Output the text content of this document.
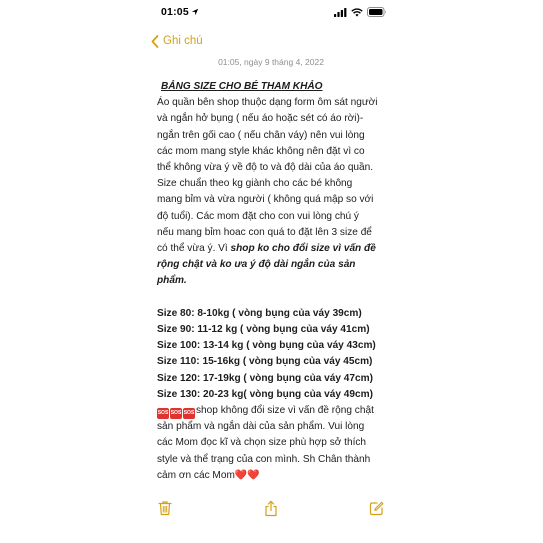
01:05
Ghi chú
01:05, ngày 9 tháng 4, 2022

BẢNG SIZE CHO BÉ THAM KHẢO

Áo quần bên shop thuộc dạng form ôm sát người

và ngắn hở bụng ( nếu áo hoặc sét có áo rời)-

ngắn trên gối cao ( nếu chân váy) nên vui lòng

các mom mang style khác không nên đặt vì co

thể không vừa ý về độ to và độ dài của áo quần.

Size chuẩn theo kg giành cho các bé không

mang bỉm và vừa người ( không quá mập so với

độ tuổi). Các mom đặt cho con vui lòng chú ý

nếu mang bỉm hoac con quá to đặt lên 3 size để

có thể vừa ý. Vì shop ko cho đổi size vì vấn đề

rộng chật và ko ưa ý độ dài ngắn của sản

phẩm.

Size 80: 8-10kg ( vòng bụng của váy 39cm)

Size 90: 11-12 kg ( vòng bụng của váy 41cm)

Size 100: 13-14 kg ( vòng bụng của váy 43cm)

Size 110: 15-16kg ( vòng bụng của váy 45cm)

Size 120: 17-19kg ( vòng bụng của váy 47cm)

Size 130: 20-23 kg( vòng bụng của váy 49cm)

SOS SOS SOS shop không đổi size vì vấn đề rộng chật

sản phẩm và ngắn dài của sản phẩm. Vui lòng

các Mom đọc kĩ và chọn size phù hợp sở thích

style và thể trạng của con mình. Sh Chân thành

cảm ơn các Mom❤️❤️
